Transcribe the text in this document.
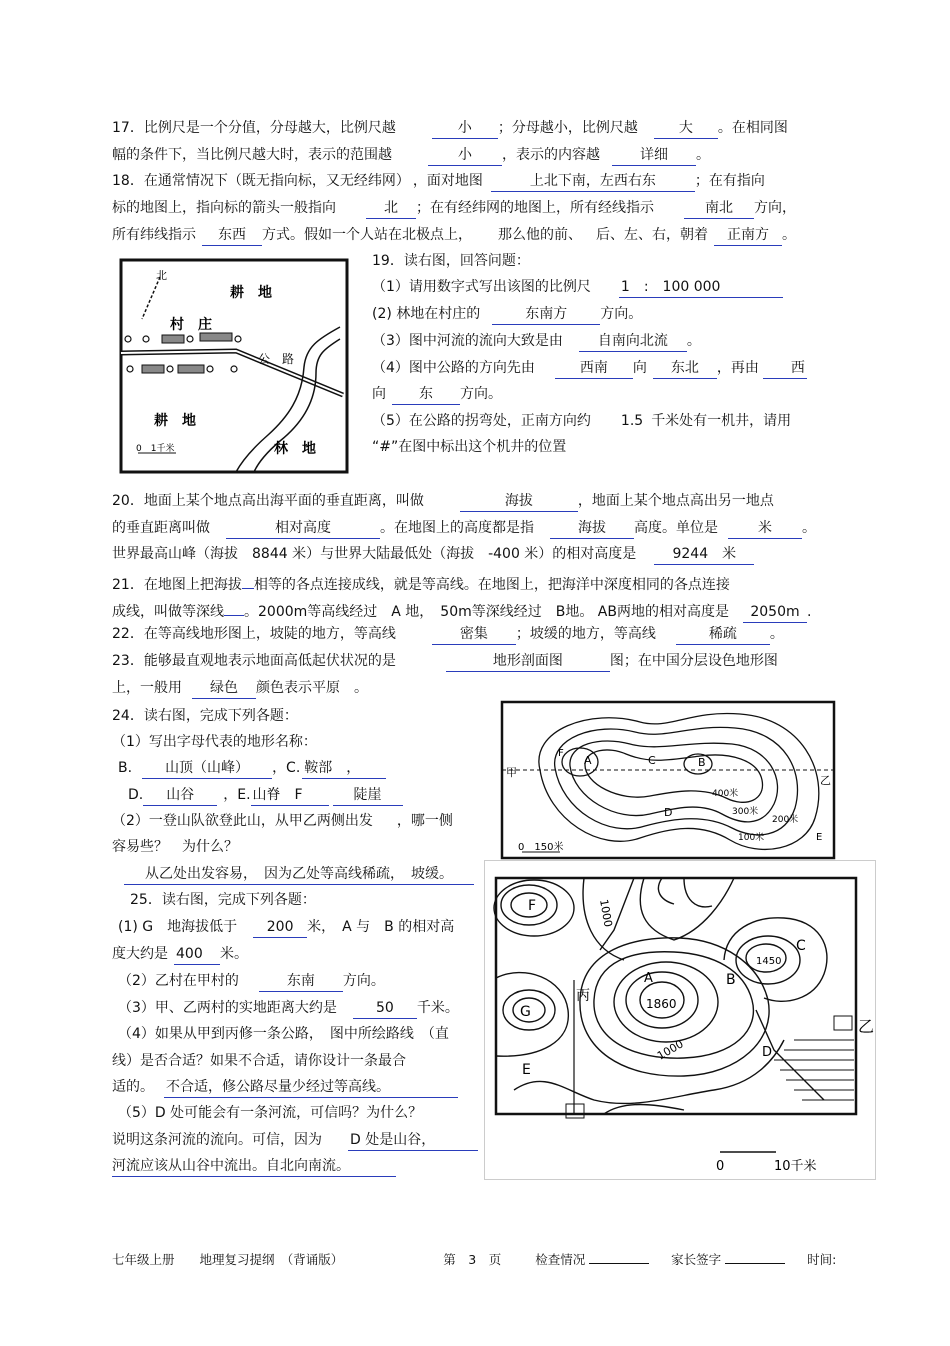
17．比例尺是一个分值，分母越大，比例尺越	小 ；分母越小，比例尺越	大 。在相同图
幅的条件下，当比例尺越大时，表示的范围越	小 ，表示的内容越	详细 。
18．在通常情况下（既无指向标，又无经纬网） ，面对地图	上北下南，左西右东	；在有指向
标的地图上，指向标的箭头一般指向	北 ；在有经纬网的地图上，所有经线指示	南北 方向，
所有纬线指示 东西 方式。假如一个人站在北极点上， 那么他的前、 后、左、右，朝着 正南方 。
北
耕　地
村　庄
公　路
耕　地
林　地
0　1千米
19．读右图，回答问题：
（1）请用数字式写出该图的比例尺 1　:　100 000
(2) 林地在村庄的	东南方 方向。
（3）图中河流的流向大致是由	自南向北流 。
（4）图中公路的方向先由	西南 向 东北 ，再由 西
向 东 方向。
（5）在公路的拐弯处，正南方向约 1.5 千米处有一机井，请用
“#”在图中标出这个机井的位置
20．地面上某个地点高出海平面的垂直距离，叫做	海拔	，地面上某个地点高出另一地点
的垂直距离叫做	相对高度	。在地图上的高度都是指	海拔 高度。单位是	米 。
世界最高山峰（海拔　8844 米）与世界大陆最低处（海拔　-400 米）的相对高度是	9244　米
21．在地图上把海拔 相等的各点连接成线，就是等高线。在地图上，把海洋中深度相同的各点连接
成线，叫做等深线 。2000m等高线经过　A 地，　50m等深线经过　B地。 AB两地的相对高度是 2050m .
22．在等高线地形图上，坡陡的地方，等高线	密集 ；坡缓的地方，等高线	稀疏 。
23．能够最直观地表示地面高低起伏状况的是	地形剖面图	图；在中国分层设色地形图
上，一般用 绿色 颜色表示平原　。
甲
乙
A	B
C
D
E
F
400米
300米
200米
100米
0　150米
24．读右图，完成下列各题：
（1）写出字母代表的地形名称：
B. 山顶（山峰） ，C. 鞍部　，
D. 山谷 ，E. 山脊　F	陡崖
（2）一登山队欲登此山，从甲乙两侧出发 ，哪一侧
容易些？　为什么？
从乙处出发容易，　因为乙处等高线稀疏，　坡缓。
F	1000
丙
A
1860
B
C
1450
G
E
1000	D
乙
0	10千米
25．读右图，完成下列各题：
(1) G　地海拔低于 200 米，　A 与　B 的相对高
度大约是 400 米。
（2）乙村在甲村的	东南 方向。
（3）甲、乙两村的实地距离大约是	50 千米。
（4）如果从甲到丙修一条公路，　图中所绘路线　（直
线）是否合适？如果不合适，请你设计一条最合
适的。 不合适，修公路尽量少经过等高线。
（5）D 处可能会有一条河流，可信吗？为什么？
说明这条河流的流向。可信，因为 D 处是山谷，
河流应该从山谷中流出。自北向南流。
七年级上册　　地理复习提纲　（背诵版）	第　3　页	检查情况	家长签字	时间:
